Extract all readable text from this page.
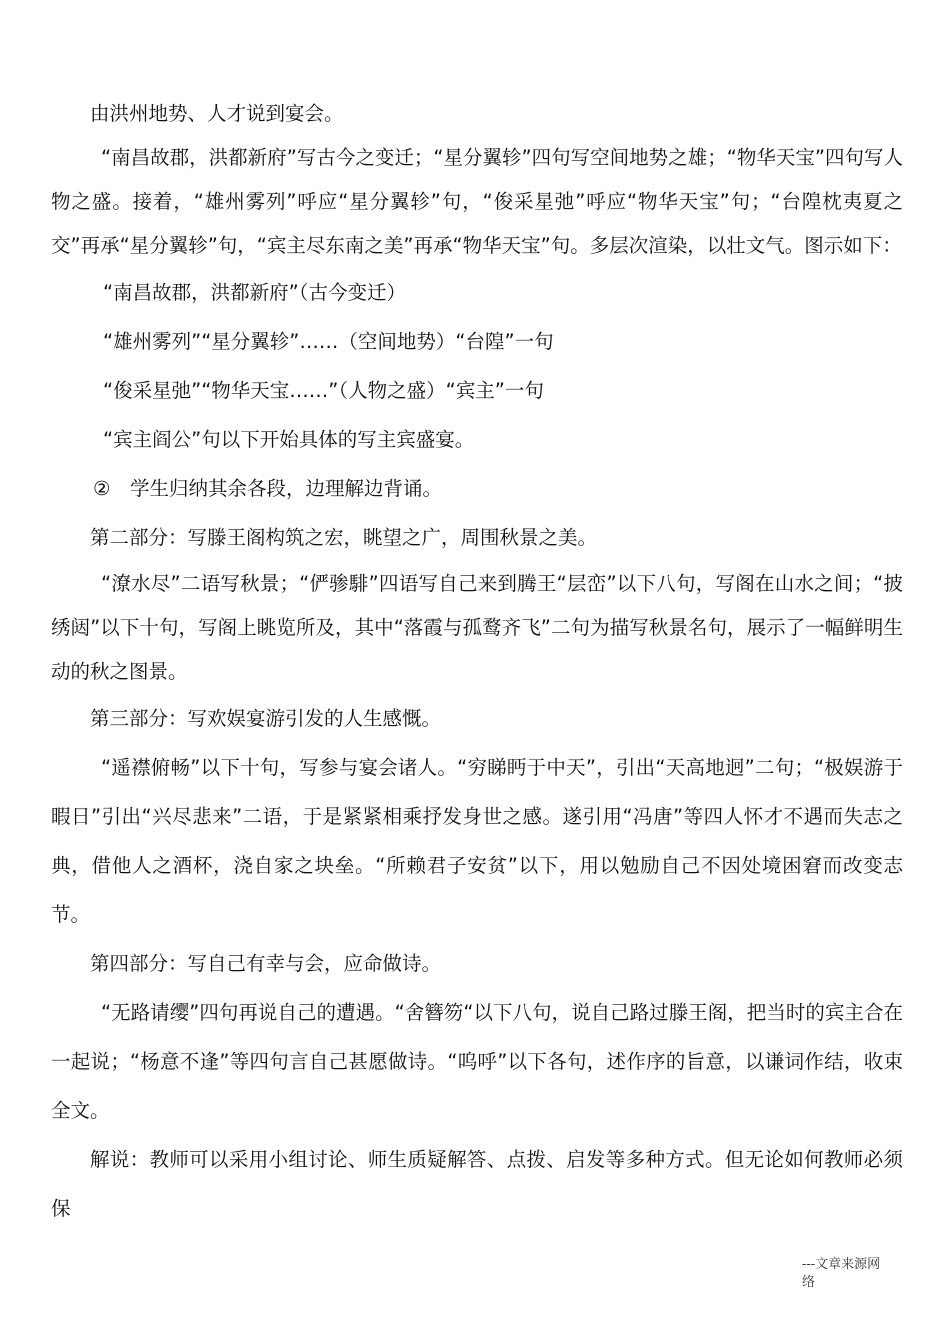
由洪州地势、人才说到宴会。

“南昌故郡，洪都新府”写古今之变迁；“星分翼轸”四句写空间地势之雄；“物华天宝”四句写人物之盛。接着，“雄州雾列”呼应“星分翼轸”句，“俊采星弛”呼应“物华天宝”句；“台隍枕夷夏之交”再承“星分翼轸”句，“宾主尽东南之美”再承“物华天宝”句。多层次渲染，以壮文气。图示如下：

“南昌故郡，洪都新府”（古今变迁）

“雄州雾列”“星分翼轸”……（空间地势）“台隍”一句

“俊采星弛”“物华天宝……”（人物之盛）“宾主”一句

“宾主阎公”句以下开始具体的写主宾盛宴。

②　学生归纳其余各段，边理解边背诵。

第二部分：写滕王阁构筑之宏，眺望之广，周围秋景之美。

“潦水尽”二语写秋景；“俨骖騑”四语写自己来到腾王“层峦”以下八句，写阁在山水之间；“披绣闼”以下十句，写阁上眺览所及，其中“落霞与孤鹜齐飞”二句为描写秋景名句，展示了一幅鲜明生动的秋之图景。

第三部分：写欢娱宴游引发的人生感慨。

“遥襟俯畅”以下十句，写参与宴会诸人。“穷睇眄于中天”，引出“天高地迥”二句；“极娱游于暇日”引出“兴尽悲来”二语，于是紧紧相乘抒发身世之感。遂引用“冯唐”等四人怀才不遇而失志之典，借他人之酒杯，浇自家之块垒。“所赖君子安贫”以下，用以勉励自己不因处境困窘而改变志节。

第四部分：写自己有幸与会，应命做诗。

“无路请缨”四句再说自己的遭遇。“舍簪笏“以下八句，说自己路过滕王阁，把当时的宾主合在一起说；“杨意不逢”等四句言自己甚愿做诗。“呜呼”以下各句，述作序的旨意，以谦词作结，收束全文。

解说：教师可以采用小组讨论、师生质疑解答、点拨、启发等多种方式。但无论如何教师必须保

---文章来源网
络
